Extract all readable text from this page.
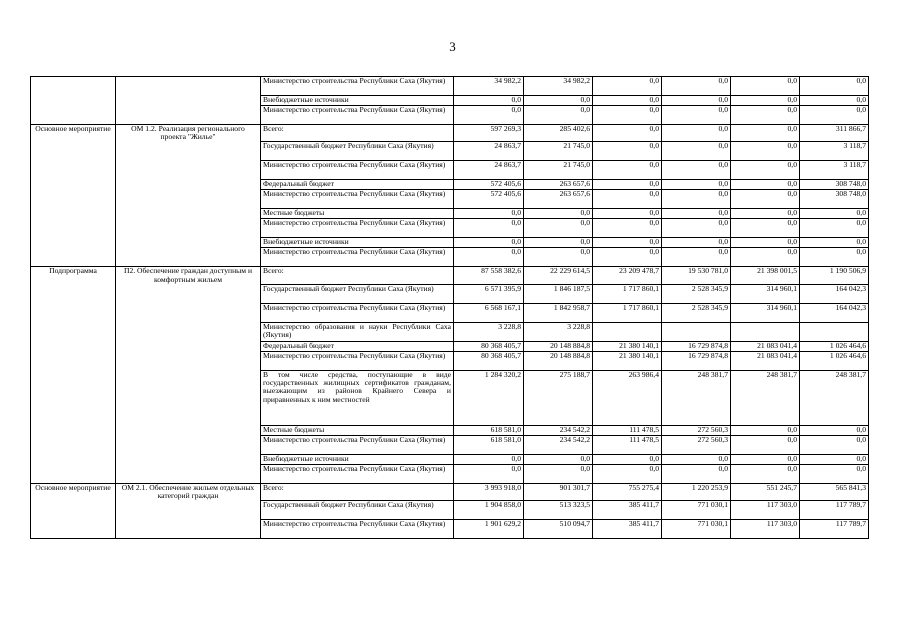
3
		Министерство строительства Республики Саха (Якутия)	34 982,2	34 982,2	0,0	0,0	0,0	0,0
		Внебюджетные источники	0,0	0,0	0,0	0,0	0,0	0,0
		Министерство строительства Республики Саха (Якутия)	0,0	0,0	0,0	0,0	0,0	0,0
Основное мероприятие	ОМ 1.2. Реализация регионального проекта "Жилье"	Всего:	597 269,3	285 402,6	0,0	0,0	0,0	311 866,7
		Государственный бюджет Республики Саха (Якутия)	24 863,7	21 745,0	0,0	0,0	0,0	3 118,7
		Министерство строительства Республики Саха (Якутия)	24 863,7	21 745,0	0,0	0,0	0,0	3 118,7
		Федеральный бюджет	572 405,6	263 657,6	0,0	0,0	0,0	308 748,0
		Министерство строительства Республики Саха (Якутия)	572 405,6	263 657,6	0,0	0,0	0,0	308 748,0
		Местные бюджеты	0,0	0,0	0,0	0,0	0,0	0,0
		Министерство строительства Республики Саха (Якутия)	0,0	0,0	0,0	0,0	0,0	0,0
		Внебюджетные источники	0,0	0,0	0,0	0,0	0,0	0,0
		Министерство строительства Республики Саха (Якутия)	0,0	0,0	0,0	0,0	0,0	0,0
Подпрограмма	П2. Обеспечение граждан доступным и комфортным жильем	Всего:	87 558 382,6	22 229 614,5	23 209 478,7	19 530 781,0	21 398 001,5	1 190 506,9
		Государственный бюджет Республики Саха (Якутия)	6 571 395,9	1 846 187,5	1 717 860,1	2 528 345,9	314 960,1	164 042,3
		Министерство строительства Республики Саха (Якутия)	6 568 167,1	1 842 958,7	1 717 860,1	2 528 345,9	314 960,1	164 042,3
		Министерство образования и науки Республики Саха (Якутия)	3 228,8	3 228,8				
		Федеральный бюджет	80 368 405,7	20 148 884,8	21 380 140,1	16 729 874,8	21 083 041,4	1 026 464,6
		Министерство строительства Республики Саха (Якутия)	80 368 405,7	20 148 884,8	21 380 140,1	16 729 874,8	21 083 041,4	1 026 464,6
		В том числе средства, поступающие в виде государственных жилищных сертификатов гражданам, выезжающим из районов Крайнего Севера и приравненных к ним местностей	1 284 320,2	275 188,7	263 986,4	248 381,7	248 381,7	248 381,7
		Местные бюджеты	618 581,0	234 542,2	111 478,5	272 560,3	0,0	0,0
		Министерство строительства Республики Саха (Якутия)	618 581,0	234 542,2	111 478,5	272 560,3	0,0	0,0
		Внебюджетные источники	0,0	0,0	0,0	0,0	0,0	0,0
		Министерство строительства Республики Саха (Якутия)	0,0	0,0	0,0	0,0	0,0	0,0
Основное мероприятие	ОМ 2.1. Обеспечение жильем отдельных категорий граждан	Всего:	3 993 918,0	901 301,7	755 275,4	1 220 253,9	551 245,7	565 841,3
		Государственный бюджет Республики Саха (Якутия)	1 904 858,0	513 323,5	385 411,7	771 030,1	117 303,0	117 789,7
		Министерство строительства Республики Саха (Якутия)	1 901 629,2	510 094,7	385 411,7	771 030,1	117 303,0	117 789,7
